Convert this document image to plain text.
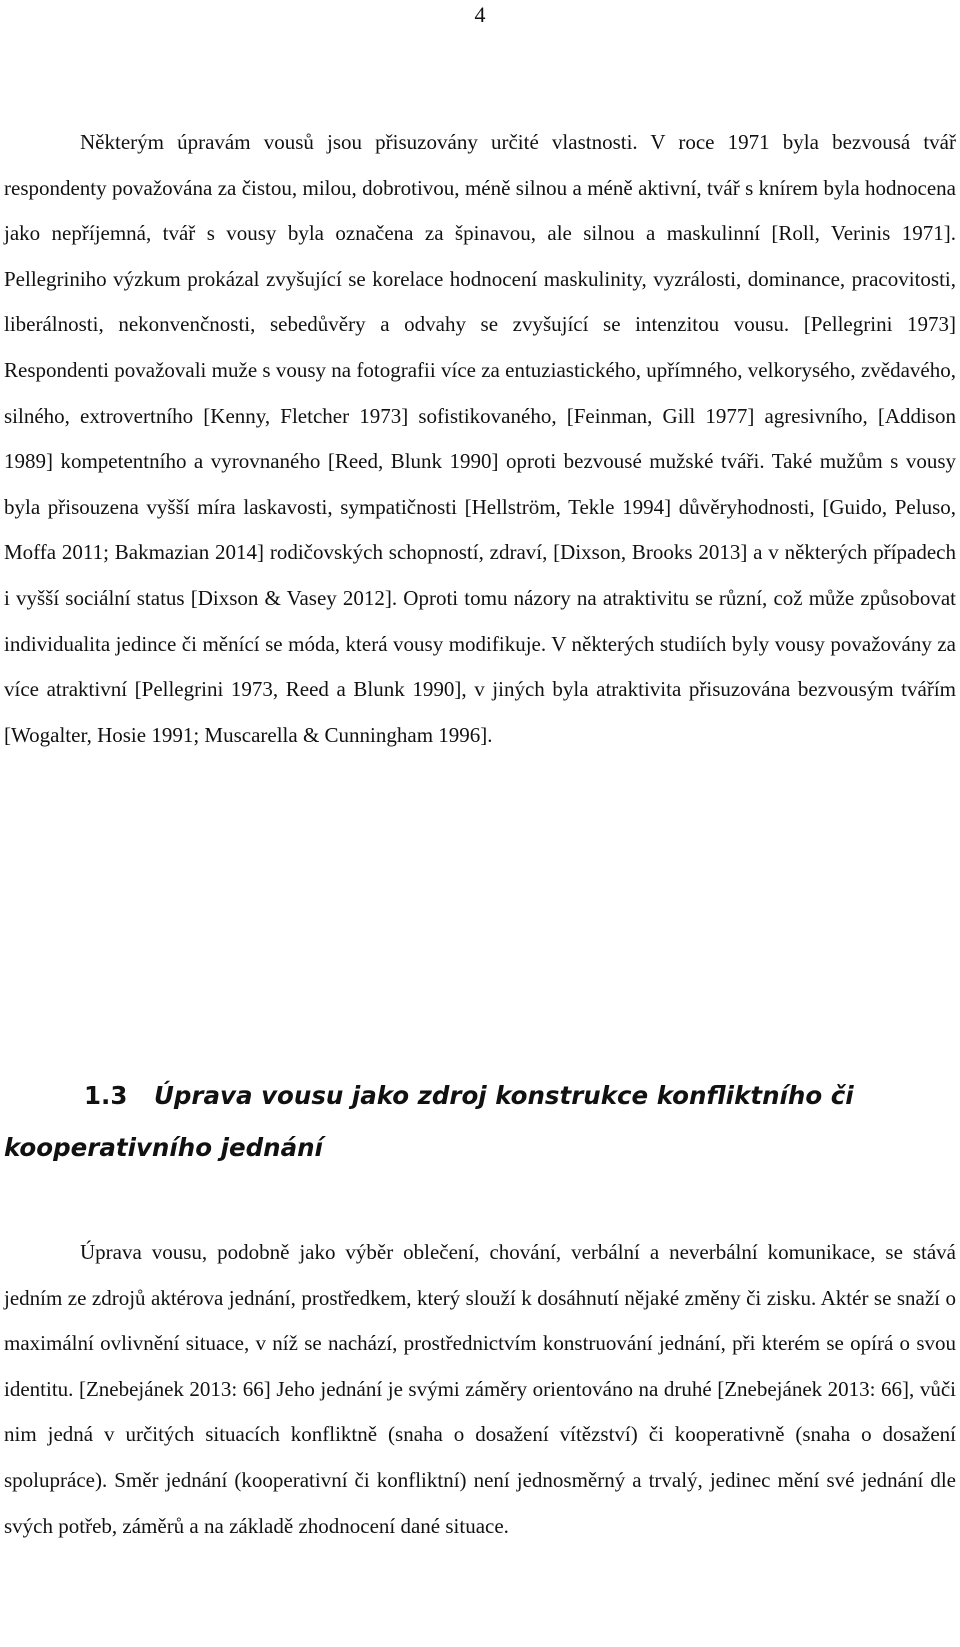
4

Některým úpravám vousů jsou přisuzovány určité vlastnosti. V roce 1971 byla bezvousá tvář respondenty považována za čistou, milou, dobrotivou, méně silnou a méně aktivní, tvář s knírem byla hodnocena jako nepříjemná, tvář s vousy byla označena za špinavou, ale silnou a maskulinní [Roll, Verinis 1971]. Pellegriniho výzkum prokázal zvyšující se korelace hodnocení maskulinity, vyzrálosti, dominance, pracovitosti, liberálnosti, nekonvenčnosti, sebedůvěry a odvahy se zvyšující se intenzitou vousu. [Pellegrini 1973] Respondenti považovali muže s vousy na fotografii více za entuziastického, upřímného, velkorysého, zvědavého, silného, extrovertního [Kenny, Fletcher 1973] sofistikovaného, [Feinman, Gill 1977] agresivního, [Addison 1989] kompetentního a vyrovnaného [Reed, Blunk 1990] oproti bezvousé mužské tváři. Také mužům s vousy byla přisouzena vyšší míra laskavosti, sympatičnosti [Hellström, Tekle 1994] důvěryhodnosti, [Guido, Peluso, Moffa 2011; Bakmazian 2014] rodičovských schopností, zdraví, [Dixson, Brooks 2013] a v některých případech i vyšší sociální status [Dixson & Vasey 2012]. Oproti tomu názory na atraktivitu se různí, což může způsobovat individualita jedince či měnící se móda, která vousy modifikuje. V některých studiích byly vousy považovány za více atraktivní [Pellegrini 1973, Reed a Blunk 1990], v jiných byla atraktivita přisuzována bezvousým tvářím [Wogalter, Hosie 1991; Muscarella & Cunningham 1996].

1.3 Úprava vousu jako zdroj konstrukce konfliktního či kooperativního jednání

Úprava vousu, podobně jako výběr oblečení, chování, verbální a neverbální komunikace, se stává jedním ze zdrojů aktérova jednání, prostředkem, který slouží k dosáhnutí nějaké změny či zisku. Aktér se snaží o maximální ovlivnění situace, v níž se nachází, prostřednictvím konstruování jednání, při kterém se opírá o svou identitu. [Znebejánek 2013: 66] Jeho jednání je svými záměry orientováno na druhé [Znebejánek 2013: 66], vůči nim jedná v určitých situacích konfliktně (snaha o dosažení vítězství) či kooperativně (snaha o dosažení spolupráce). Směr jednání (kooperativní či konfliktní) není jednosměrný a trvalý, jedinec mění své jednání dle svých potřeb, záměrů a na základě zhodnocení dané situace.
